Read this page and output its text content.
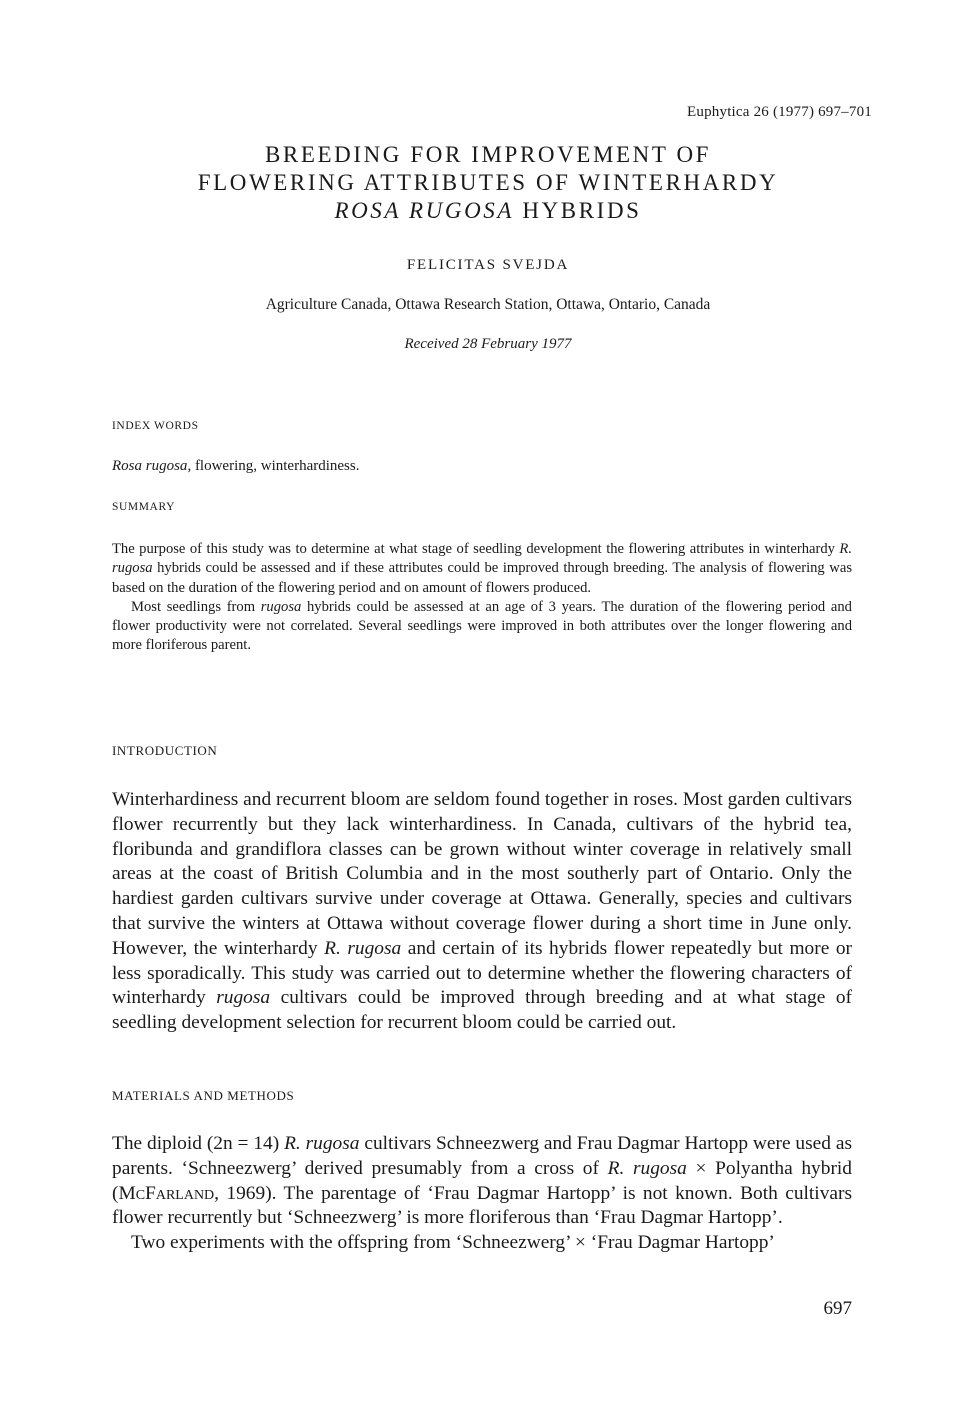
Euphytica 26 (1977) 697–701
BREEDING FOR IMPROVEMENT OF
FLOWERING ATTRIBUTES OF WINTERHARDY
ROSA RUGOSA HYBRIDS
FELICITAS SVEJDA
Agriculture Canada, Ottawa Research Station, Ottawa, Ontario, Canada
Received 28 February 1977
INDEX WORDS
Rosa rugosa, flowering, winterhardiness.
SUMMARY

The purpose of this study was to determine at what stage of seedling development the flowering attributes in winterhardy R. rugosa hybrids could be assessed and if these attributes could be improved through breeding. The analysis of flowering was based on the duration of the flowering period and on amount of flowers produced.

Most seedlings from rugosa hybrids could be assessed at an age of 3 years. The duration of the flowering period and flower productivity were not correlated. Several seedlings were improved in both attributes over the longer flowering and more floriferous parent.

INTRODUCTION

Winterhardiness and recurrent bloom are seldom found together in roses. Most garden cultivars flower recurrently but they lack winterhardiness. In Canada, cultivars of the hybrid tea, floribunda and grandiflora classes can be grown without winter coverage in relatively small areas at the coast of British Columbia and in the most southerly part of Ontario. Only the hardiest garden cultivars survive under coverage at Ottawa. Generally, species and cultivars that survive the winters at Ottawa without coverage flower during a short time in June only. However, the winterhardy R. rugosa and certain of its hybrids flower repeatedly but more or less sporadically. This study was carried out to determine whether the flowering characters of winterhardy rugosa cultivars could be improved through breeding and at what stage of seedling development selection for recurrent bloom could be carried out.

MATERIALS AND METHODS

The diploid (2n = 14) R. rugosa cultivars Schneezwerg and Frau Dagmar Hartopp were used as parents. ‘Schneezwerg’ derived presumably from a cross of R. rugosa × Polyantha hybrid (McFarland, 1969). The parentage of ‘Frau Dagmar Hartopp’ is not known. Both cultivars flower recurrently but ‘Schneezwerg’ is more floriferous than ‘Frau Dagmar Hartopp’.

Two experiments with the offspring from ‘Schneezwerg’ × ‘Frau Dagmar Hartopp’

697
